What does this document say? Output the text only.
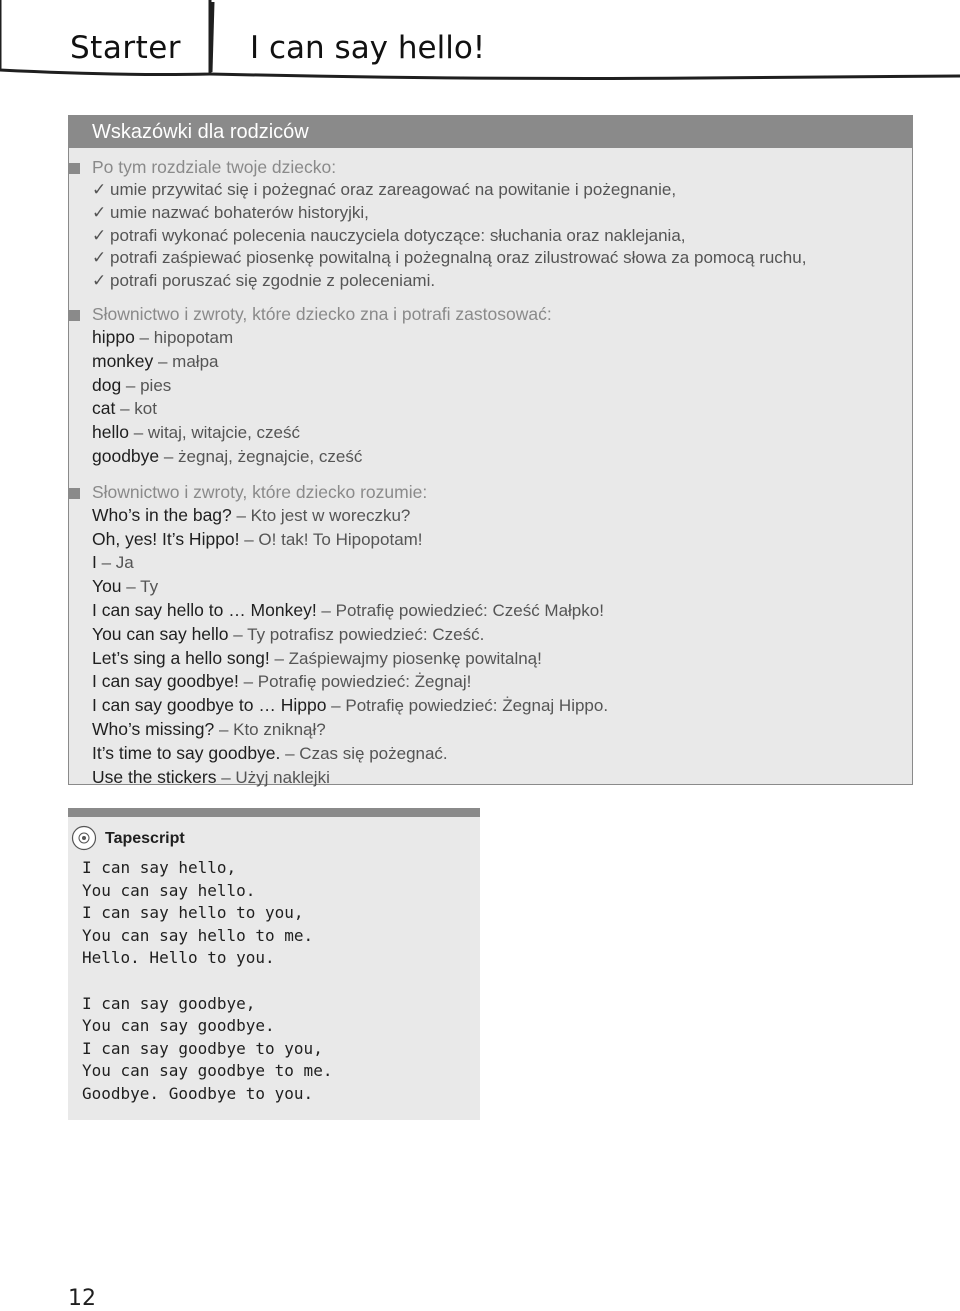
Starter I can say hello!
Wskazówki dla rodziców
Po tym rozdziale twoje dziecko:
✓ umie przywitać się i pożegnać oraz zareagować na powitanie i pożegnanie,
✓ umie nazwać bohaterów historyjki,
✓ potrafi wykonać polecenia nauczyciela dotyczące: słuchania oraz naklejania,
✓ potrafi zaśpiewać piosenkę powitalną i pożegnalną oraz zilustrować słowa za pomocą ruchu,
✓ potrafi poruszać się zgodnie z poleceniami.
Słownictwo i zwroty, które dziecko zna i potrafi zastosować:
hippo – hipopotam
monkey – małpa
dog – pies
cat – kot
hello – witaj, witajcie, cześć
goodbye – żegnaj, żegnajcie, cześć
Słownictwo i zwroty, które dziecko rozumie:
Who’s in the bag? – Kto jest w woreczku?
Oh, yes! It’s Hippo! – O! tak! To Hipopotam!
I – Ja
You – Ty
I can say hello to … Monkey! – Potrafię powiedzieć: Cześć Małpko!
You can say hello – Ty potrafisz powiedzieć: Cześć.
Let’s sing a hello song! – Zaśpiewajmy piosenkę powitalną!
I can say goodbye! – Potrafię powiedzieć: Żegnaj!
I can say goodbye to … Hippo – Potrafię powiedzieć: Żegnaj Hippo.
Who’s missing? – Kto zniknął?
It’s time to say goodbye. – Czas się pożegnać.
Use the stickers – Użyj naklejki
Tapescript
I can say hello,
You can say hello.
I can say hello to you,
You can say hello to me.
Hello. Hello to you.
I can say goodbye,
You can say goodbye.
I can say goodbye to you,
You can say goodbye to me.
Goodbye. Goodbye to you.
12
